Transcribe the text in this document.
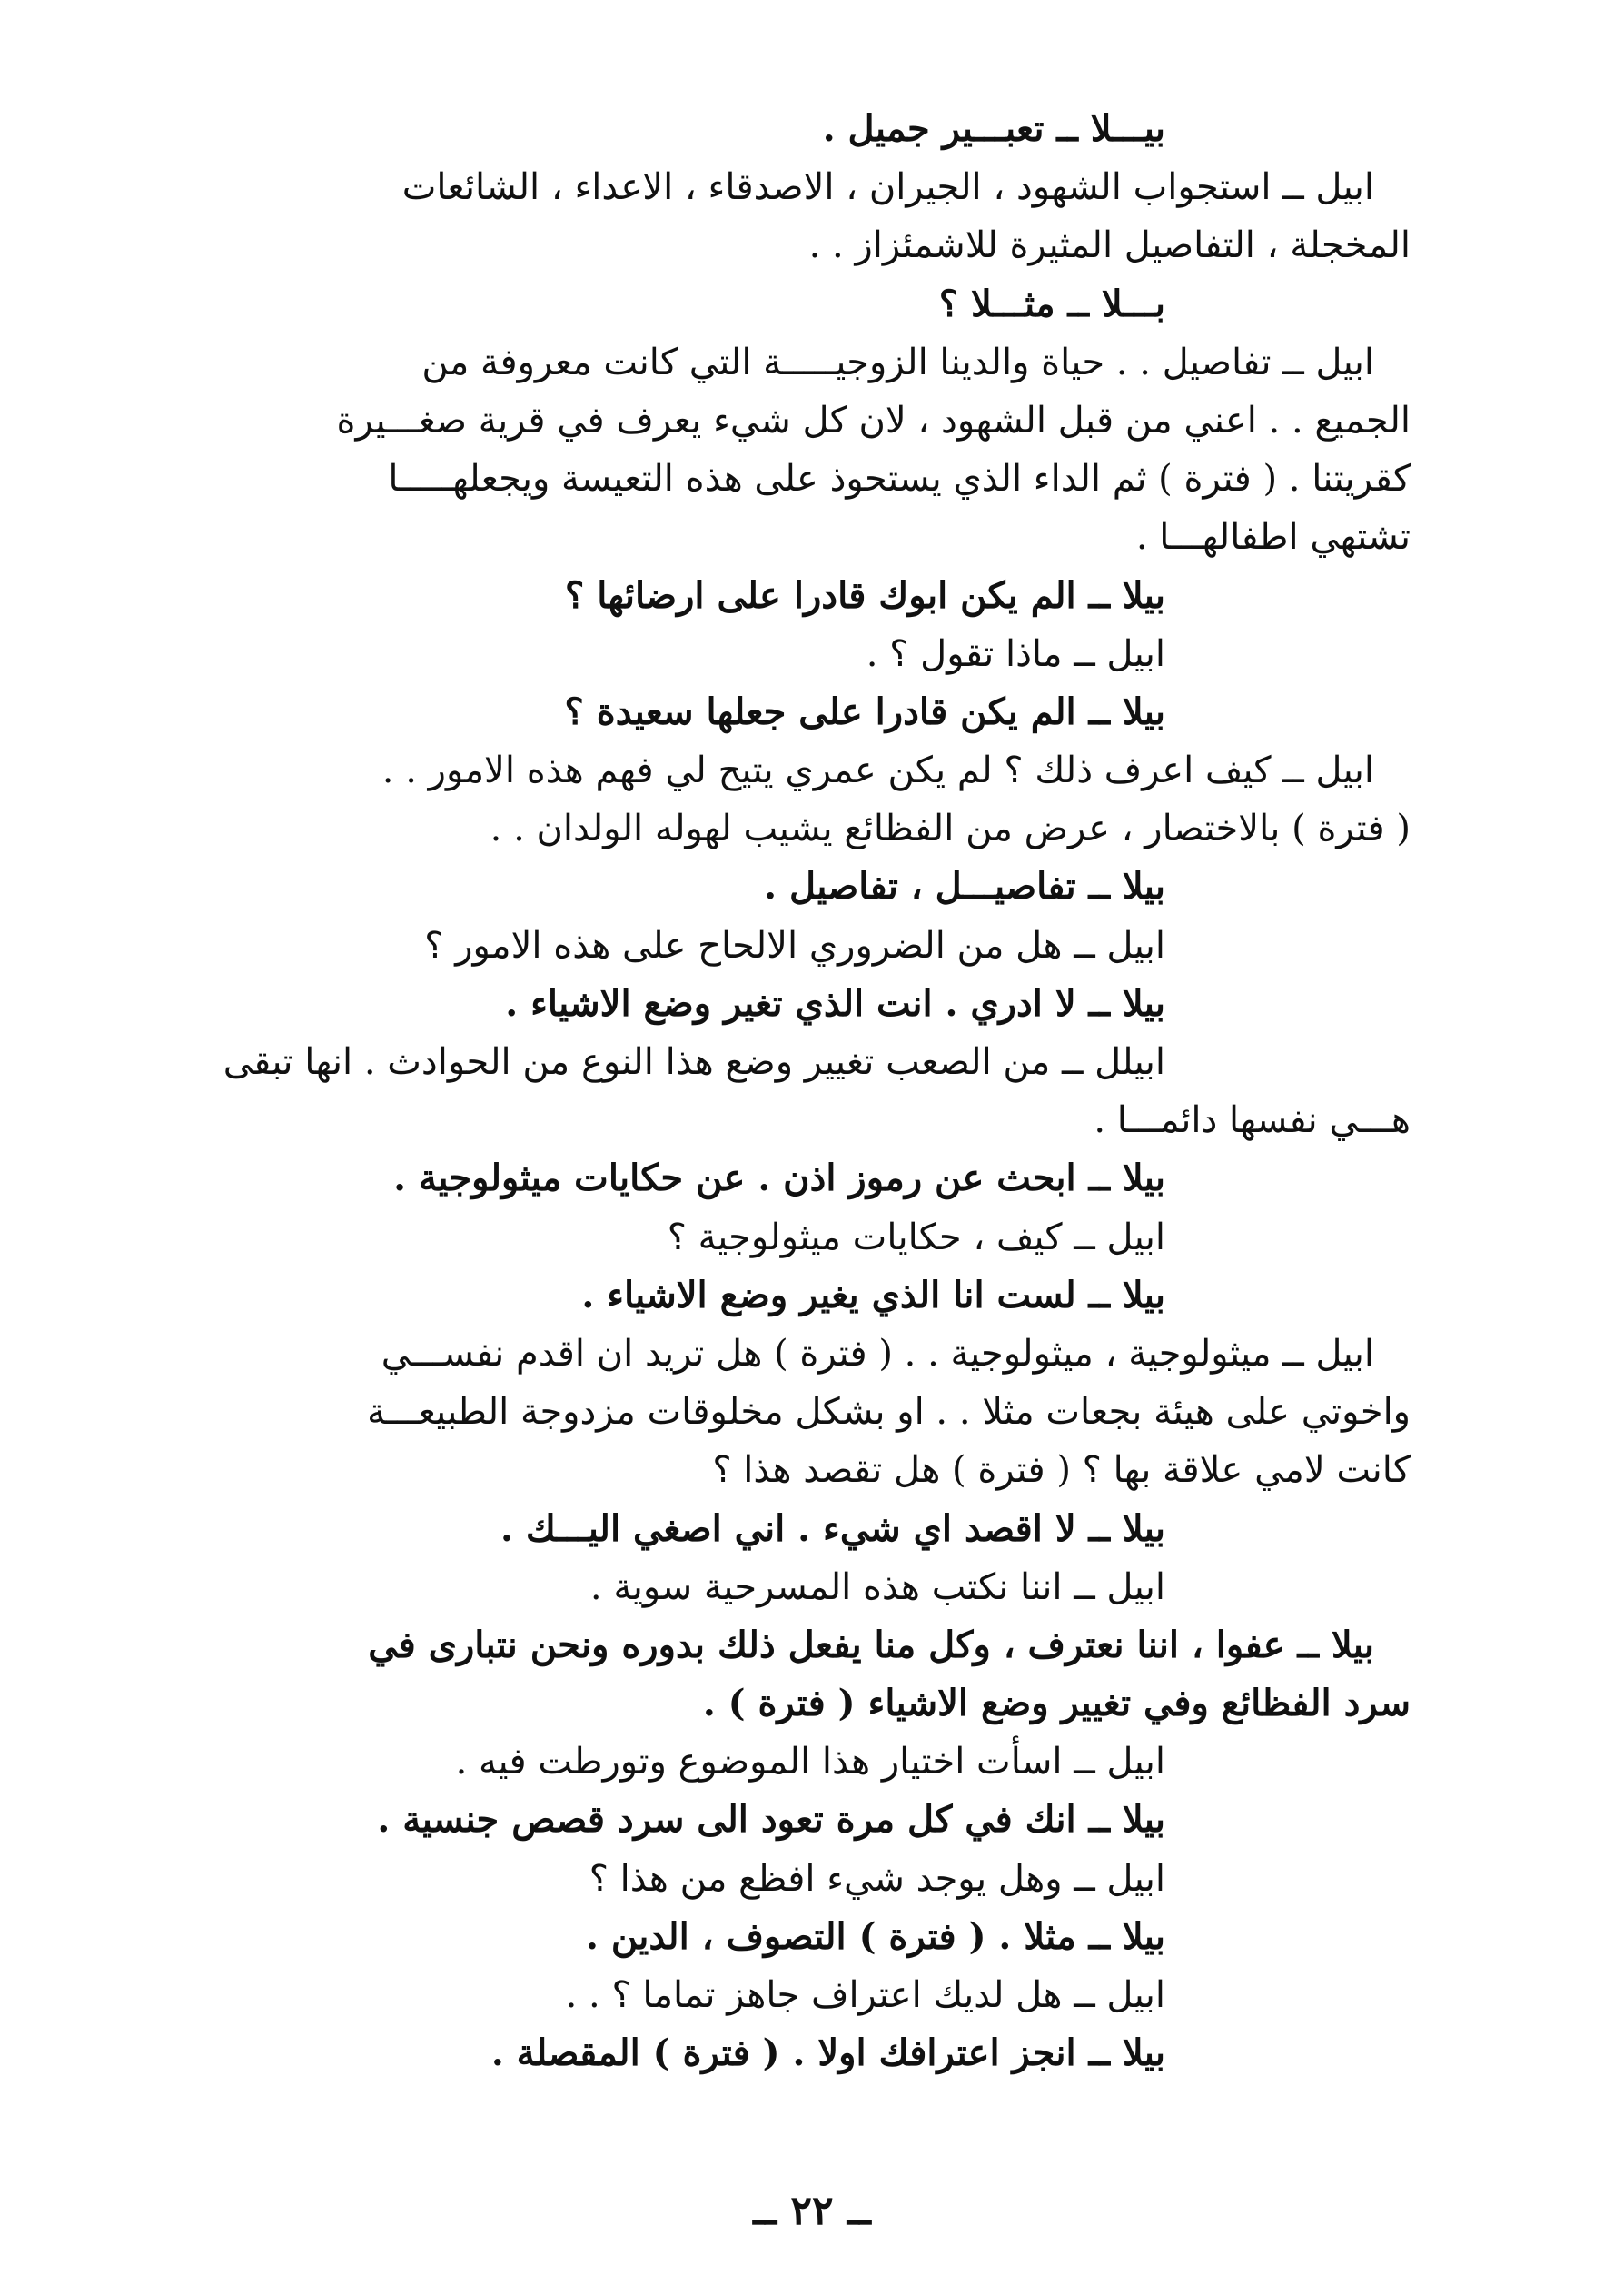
بيـــلا ــ تعبـــير جميل .
ابيل ــ استجواب الشهود ، الجيران ، الاصدقاء ، الاعداء ، الشائعات
المخجلة ، التفاصيل المثيرة للاشمئزاز . .
بـــلا ــ مثـــلا ؟
ابيل ــ تفاصيل . . حياة والدينا الزوجيـــــة التي كانت معروفة من
الجميع . . اعني من قبل الشهود ، لان كل شيء يعرف في قرية صغـــيرة
كقريتنا . ( فترة ) ثم الداء الذي يستحوذ على هذه التعيسة ويجعلهـــــا
تشتهي اطفالهـــا .
بيلا ــ الم يكن ابوك قادرا على ارضائها ؟
ابيل ــ ماذا تقول ؟ .
بيلا ــ الم يكن قادرا على جعلها سعيدة ؟
ابيل ــ كيف اعرف ذلك ؟ لم يكن عمري يتيح لي فهم هذه الامور . .
( فترة ) بالاختصار ، عرض من الفظائع يشيب لهوله الولدان . .
بيلا ــ تفاصيـــل ، تفاصيل .
ابيل ــ هل من الضروري الالحاح على هذه الامور ؟
بيلا ــ لا ادري . انت الذي تغير وضع الاشياء .
ابيلل ــ من الصعب تغيير وضع هذا النوع من الحوادث . انها تبقى
هـــي نفسها دائمـــا .
بيلا ــ ابحث عن رموز اذن . عن حكايات ميثولوجية .
ابيل ــ كيف ، حكايات ميثولوجية ؟
بيلا ــ لست انا الذي يغير وضع الاشياء .
ابيل ــ ميثولوجية ، ميثولوجية . . ( فترة ) هل تريد ان اقدم نفســـي
واخوتي على هيئة بجعات مثلا . . او بشكل مخلوقات مزدوجة الطبيعـــة
كانت لامي علاقة بها ؟ ( فترة ) هل تقصد هذا ؟
بيلا ــ لا اقصد اي شيء . اني اصغي اليـــك .
ابيل ــ اننا نكتب هذه المسرحية سوية .
بيلا ــ عفوا ، اننا نعترف ، وكل منا يفعل ذلك بدوره ونحن نتبارى في
سرد الفظائع وفي تغيير وضع الاشياء ( فترة ) .
ابيل ــ اسأت اختيار هذا الموضوع وتورطت فيه .
بيلا ــ انك في كل مرة تعود الى سرد قصص جنسية .
ابيل ــ وهل يوجد شيء افظع من هذا ؟
بيلا ــ مثلا . ( فترة ) التصوف ، الدين .
ابيل ــ هل لديك اعتراف جاهز تماما ؟ . .
بيلا ــ انجز اعترافك اولا . ( فترة ) المقصلة .
ــ ٢٢ ــ
